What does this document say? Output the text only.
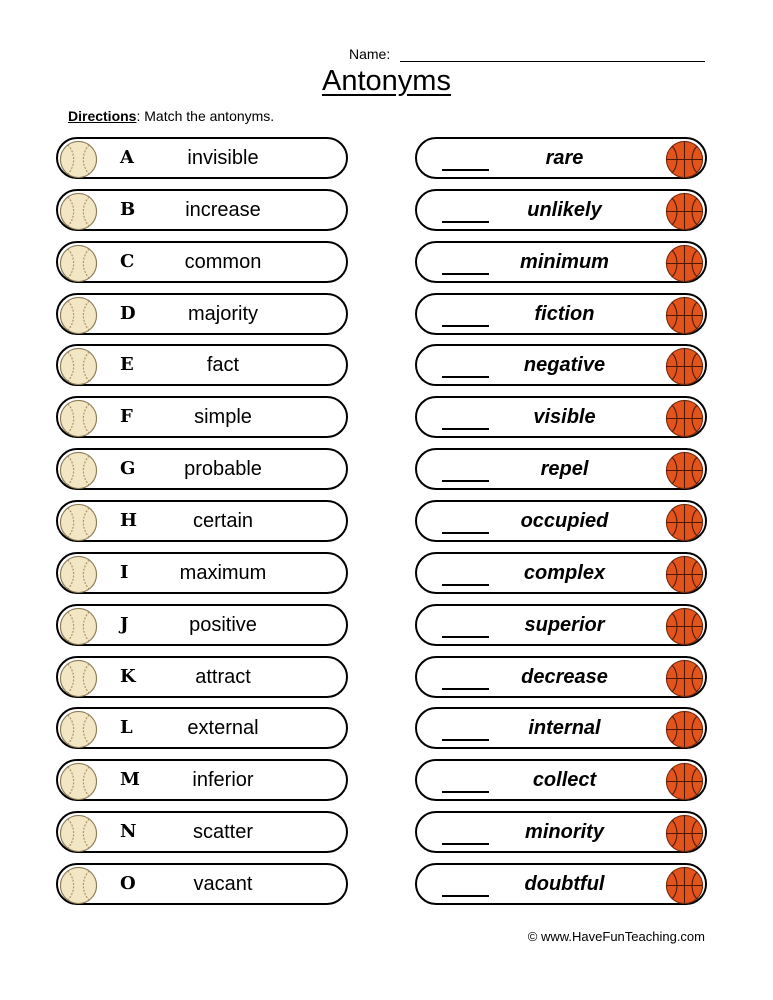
Name:
Antonyms
Directions: Match the antonyms.
A	invisible
B	increase
C	common
D	majority
E	fact
F	simple
G	probable
H	certain
I	maximum
J	positive
K	attract
L	external
M	inferior
N	scatter
O	vacant
rare
unlikely
minimum
fiction
negative
visible
repel
occupied
complex
superior
decrease
internal
collect
minority
doubtful
© www.HaveFunTeaching.com
